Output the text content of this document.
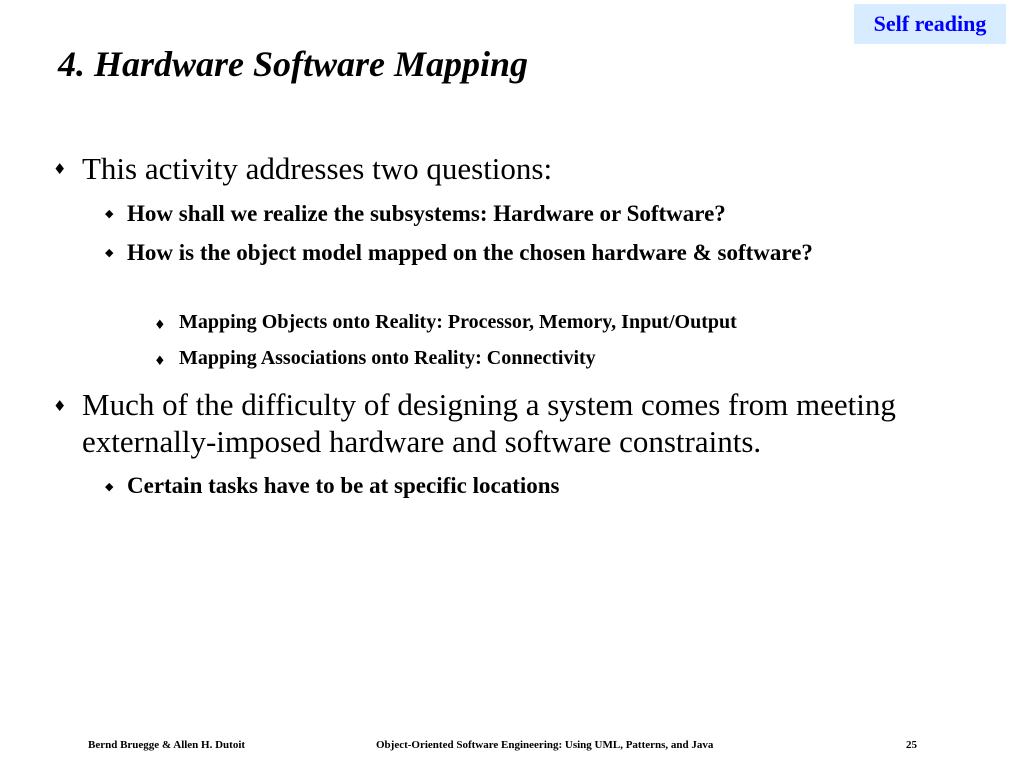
Self reading
4. Hardware Software Mapping
♦ This activity addresses two questions:
◆ How shall we realize the subsystems: Hardware or Software?
◆ How is the object model mapped on the chosen hardware & software?
♦ Mapping Objects onto Reality: Processor, Memory, Input/Output
♦ Mapping Associations onto Reality: Connectivity
♦ Much of the difficulty of designing a system comes from meeting externally-imposed hardware and software constraints.
◆ Certain tasks have to be at specific locations
Bernd Bruegge & Allen H. Dutoit	Object-Oriented Software Engineering: Using UML, Patterns, and Java	25
